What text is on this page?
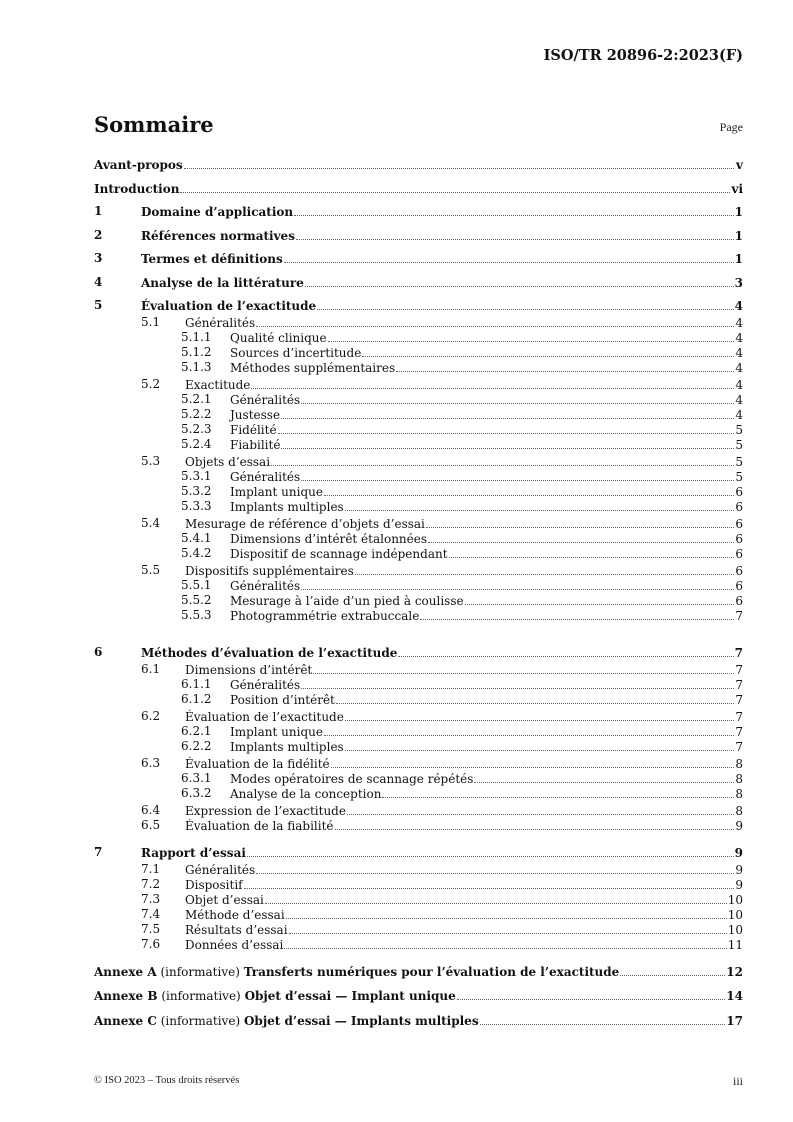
ISO/TR 20896-2:2023(F)
Sommaire	Page
Avant-propos	v
Introduction	vi
1	Domaine d’application	1
2	Références normatives	1
3	Termes et définitions	1
4	Analyse de la littérature	3
5	Évaluation de l’exactitude	4
5.1 Généralités	4
5.1.1 Qualité clinique	4
5.1.2 Sources d’incertitude	4
5.1.3 Méthodes supplémentaires	4
5.2 Exactitude	4
5.2.1 Généralités	4
5.2.2 Justesse	4
5.2.3 Fidélité	5
5.2.4 Fiabilité	5
5.3 Objets d’essai	5
5.3.1 Généralités	5
5.3.2 Implant unique	6
5.3.3 Implants multiples	6
5.4 Mesurage de référence d’objets d’essai	6
5.4.1 Dimensions d’intérêt étalonnées	6
5.4.2 Dispositif de scannage indépendant	6
5.5 Dispositifs supplémentaires	6
5.5.1 Généralités	6
5.5.2 Mesurage à l’aide d’un pied à coulisse	6
5.5.3 Photogrammétrie extrabuccale	7
6	Méthodes d’évaluation de l’exactitude	7
6.1 Dimensions d’intérêt	7
6.1.1 Généralités	7
6.1.2 Position d’intérêt	7
6.2 Évaluation de l’exactitude	7
6.2.1 Implant unique	7
6.2.2 Implants multiples	7
6.3 Évaluation de la fidélité	8
6.3.1 Modes opératoires de scannage répétés	8
6.3.2 Analyse de la conception	8
6.4 Expression de l’exactitude	8
6.5 Évaluation de la fiabilité	9
7	Rapport d’essai	9
7.1 Généralités	9
7.2 Dispositif	9
7.3 Objet d’essai	10
7.4 Méthode d’essai	10
7.5 Résultats d’essai	10
7.6 Données d’essai	11
Annexe A (informative) Transferts numériques pour l’évaluation de l’exactitude	12
Annexe B (informative) Objet d’essai — Implant unique	14
Annexe C (informative) Objet d’essai — Implants multiples	17
© ISO 2023 – Tous droits réservés	iii
